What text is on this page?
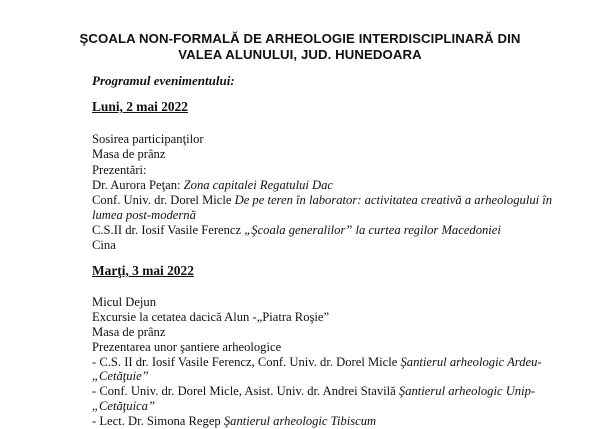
ŞCOALA NON-FORMALĂ DE ARHEOLOGIE INTERDISCIPLINARĂ DIN
VALEA ALUNULUI, JUD. HUNEDOARA
Programul evenimentului:
Luni, 2 mai 2022
Sosirea participanţilor
Masa de prânz
Prezentări:
Dr. Aurora Peţan: Zona capitalei Regatului Dac
Conf. Univ. dr. Dorel Micle De pe teren în laborator: activitatea creativă a arheologului în
lumea post-modernă
C.S.II dr. Iosif Vasile Ferencz „Şcoala generalilor” la curtea regilor Macedoniei
Cina
Marţi, 3 mai 2022
Micul Dejun
Excursie la cetatea dacică Alun -„Piatra Roşie”
Masa de prânz
Prezentarea unor şantiere arheologice
- C.S. II dr. Iosif Vasile Ferencz, Conf. Univ. dr. Dorel Micle Şantierul arheologic Ardeu-
„Cetăţuie”
- Conf. Univ. dr. Dorel Micle, Asist. Univ. dr. Andrei Stavilă Şantierul arheologic Unip-
„Cetăţuica”
- Lect. Dr. Simona Regep Şantierul arheologic Tibiscum
